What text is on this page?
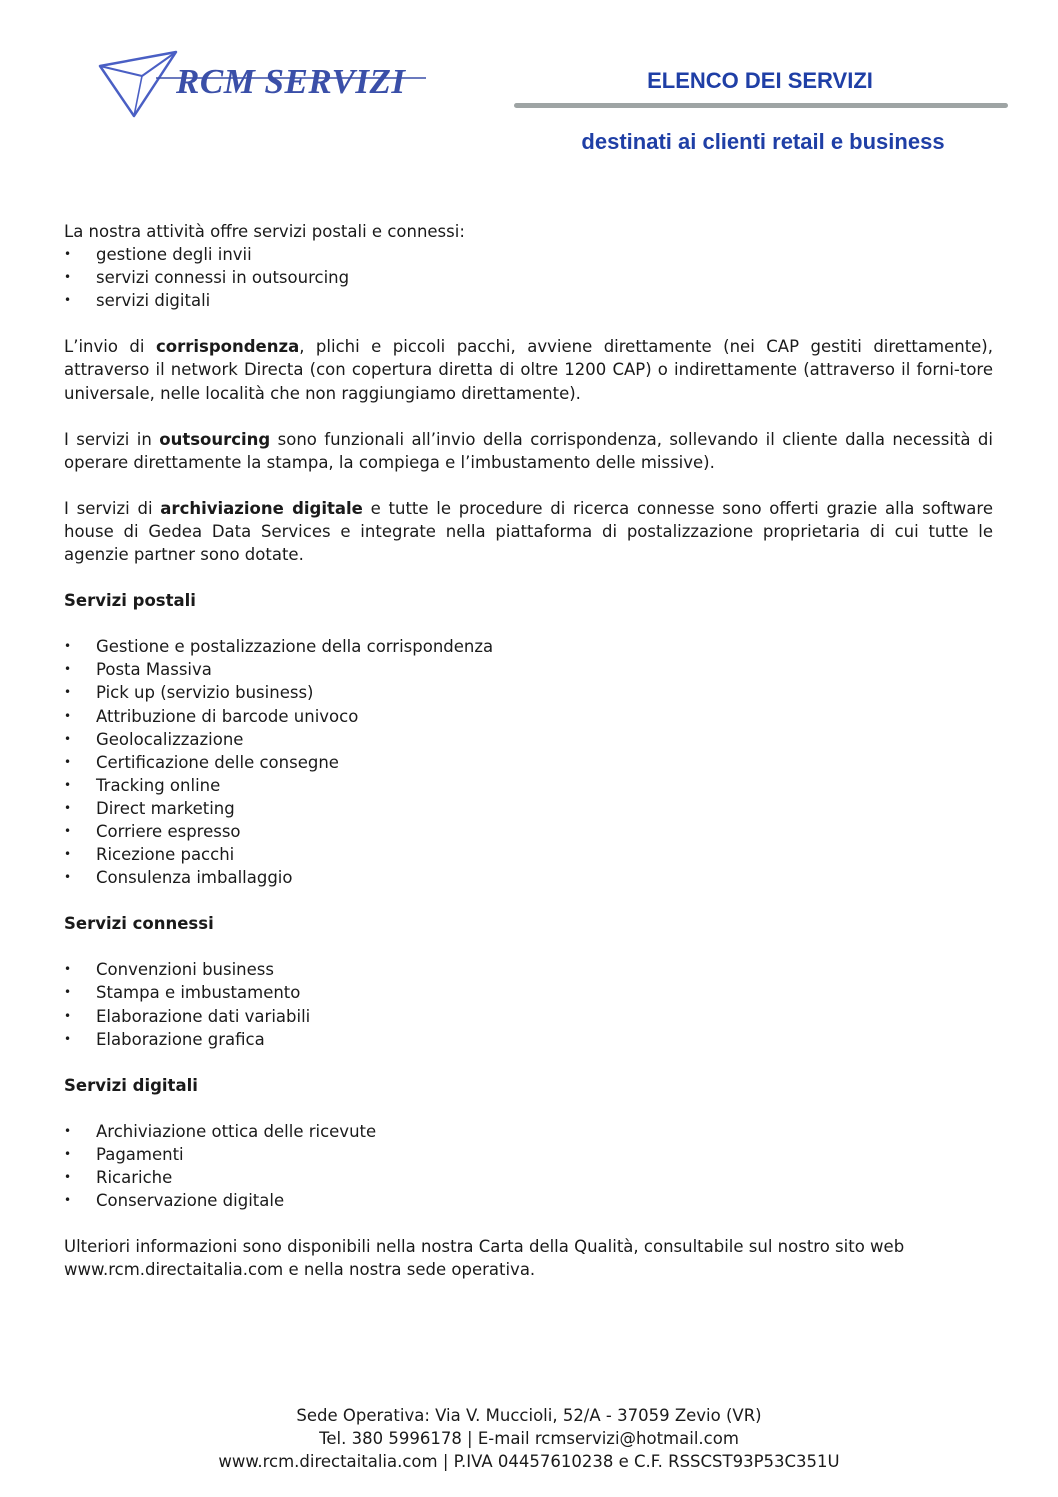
RCM SERVIZI	ELENCO DEI SERVIZI
destinati ai clienti retail e business

La nostra attività offre servizi postali e connessi:

• gestione degli invii
• servizi connessi in outsourcing
• servizi digitali

L’invio di corrispondenza, plichi e piccoli pacchi, avviene direttamente (nei CAP gestiti direttamente), attraverso il network Directa (con copertura diretta di oltre 1200 CAP) o indirettamente (attraverso il forni-tore universale, nelle località che non raggiungiamo direttamente).

I servizi in outsourcing sono funzionali all’invio della corrispondenza, sollevando il cliente dalla necessità di operare direttamente la stampa, la compiega e l’imbustamento delle missive).

I servizi di archiviazione digitale e tutte le procedure di ricerca connesse sono offerti grazie alla software house di Gedea Data Services e integrate nella piattaforma di postalizzazione proprietaria di cui tutte le agenzie partner sono dotate.

Servizi postali

• Gestione e postalizzazione della corrispondenza
• Posta Massiva
• Pick up (servizio business)
• Attribuzione di barcode univoco
• Geolocalizzazione
• Certificazione delle consegne
• Tracking online
• Direct marketing
• Corriere espresso
• Ricezione pacchi
• Consulenza imballaggio

Servizi connessi

• Convenzioni business
• Stampa e imbustamento
• Elaborazione dati variabili
• Elaborazione grafica

Servizi digitali

• Archiviazione ottica delle ricevute
• Pagamenti
• Ricariche
• Conservazione digitale

Ulteriori informazioni sono disponibili nella nostra Carta della Qualità, consultabile sul nostro sito web

www.rcm.directaitalia.com e nella nostra sede operativa.

Sede Operativa: Via V. Muccioli, 52/A - 37059 Zevio (VR)
Tel. 380 5996178 | E-mail rcmservizi@hotmail.com
www.rcm.directaitalia.com | P.IVA 04457610238 e C.F. RSSCST93P53C351U
